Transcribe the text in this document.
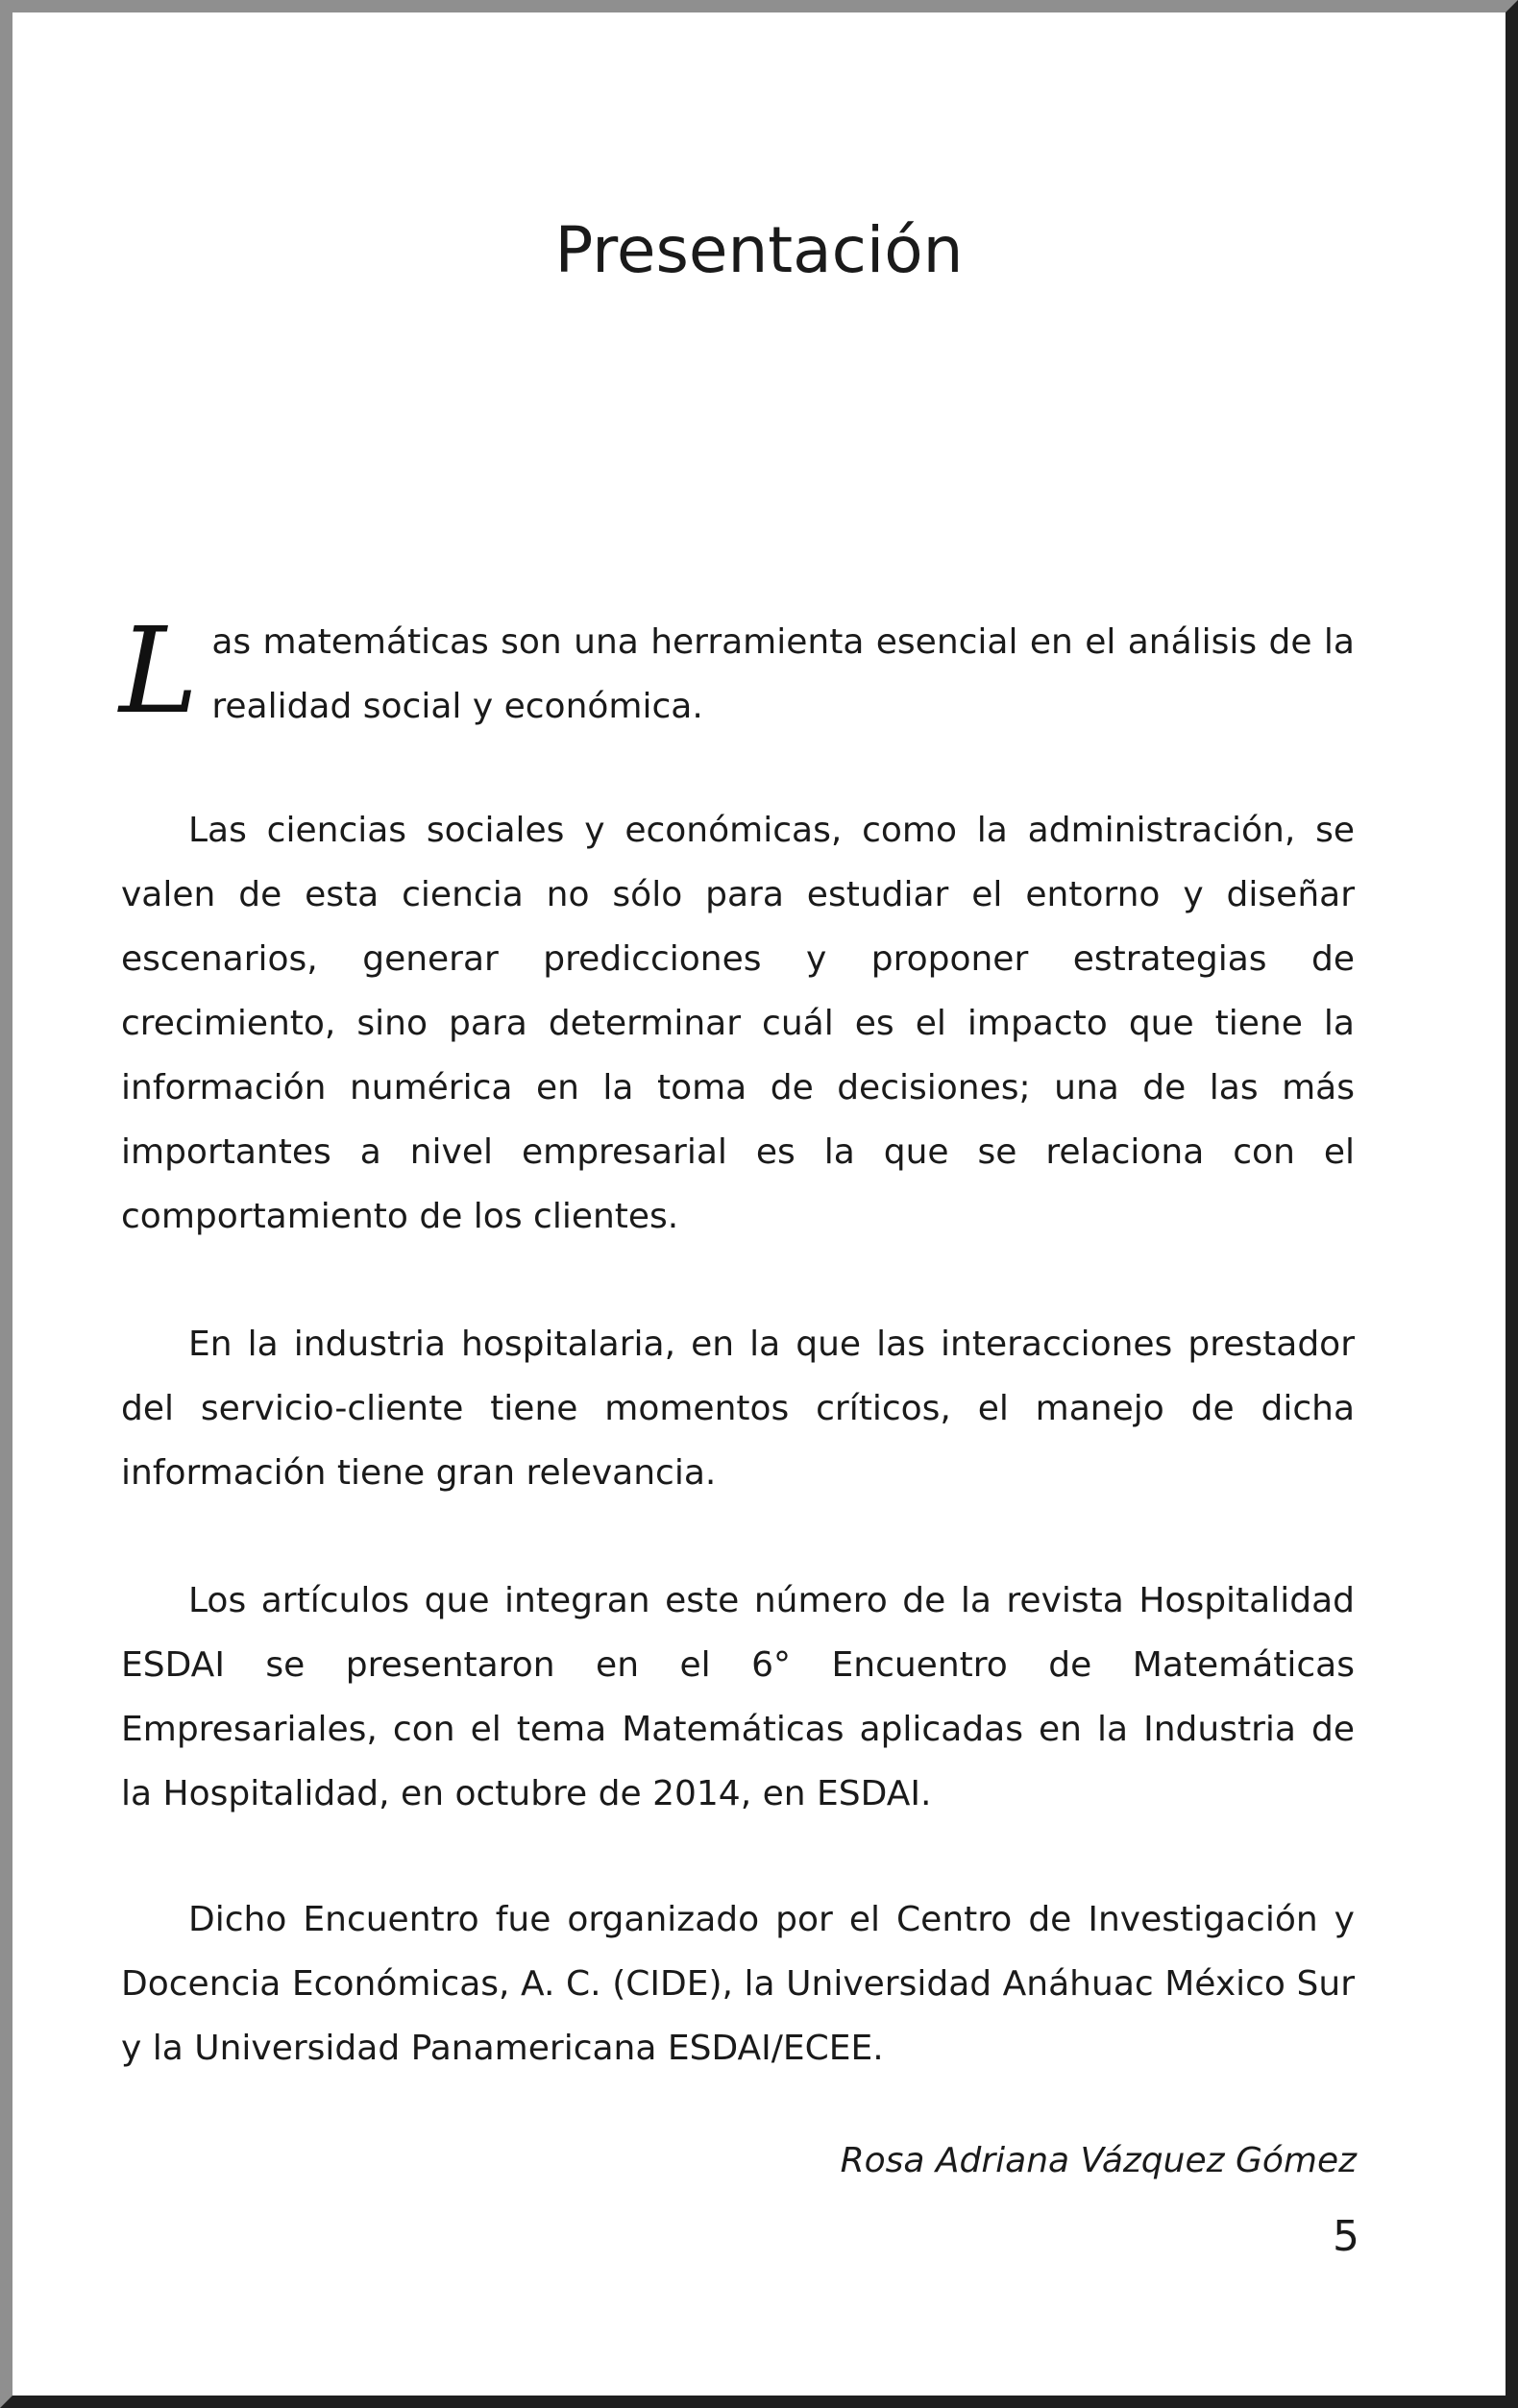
Presentación

Las matemáticas son una herramienta esencial en el análisis de la realidad social y económica.

Las ciencias sociales y económicas, como la administración, se valen de esta ciencia no sólo para estudiar el entorno y diseñar escenarios, generar predicciones y proponer estrategias de crecimiento, sino para determinar cuál es el impacto que tiene la información numérica en la toma de decisiones; una de las más importantes a nivel empresarial es la que se relaciona con el comportamiento de los clientes.

En la industria hospitalaria, en la que las interacciones prestador del servicio-cliente tiene momentos críticos, el manejo de dicha información tiene gran relevancia.

Los artículos que integran este número de la revista Hospitalidad ESDAI se presentaron en el 6° Encuentro de Matemáticas Empresariales, con el tema Matemáticas aplicadas en la Industria de la Hospitalidad, en octubre de 2014, en ESDAI.

Dicho Encuentro fue organizado por el Centro de Investigación y Docencia Económicas, A. C. (CIDE), la Universidad Anáhuac México Sur y la Universidad Panamericana ESDAI/ECEE.

Rosa Adriana Vázquez Gómez

5
